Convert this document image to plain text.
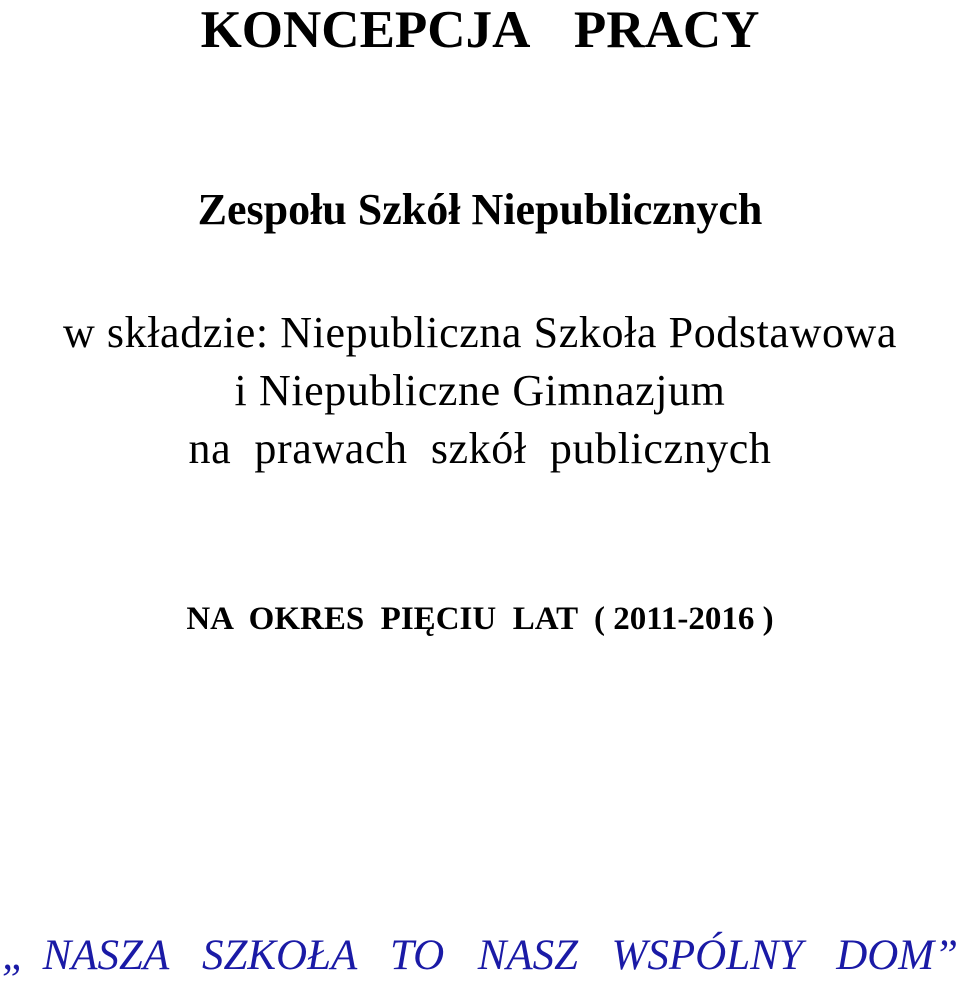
KONCEPCJA  PRACY
Zespołu Szkół Niepublicznych
w składzie: Niepubliczna Szkoła Podstawowa
i Niepubliczne Gimnazjum
na  prawach  szkół  publicznych
NA  OKRES  PIĘCIU  LAT  ( 2011-2016 )
„ NASZA  SZKOŁA  TO  NASZ  WSPÓLNY  DOM”
